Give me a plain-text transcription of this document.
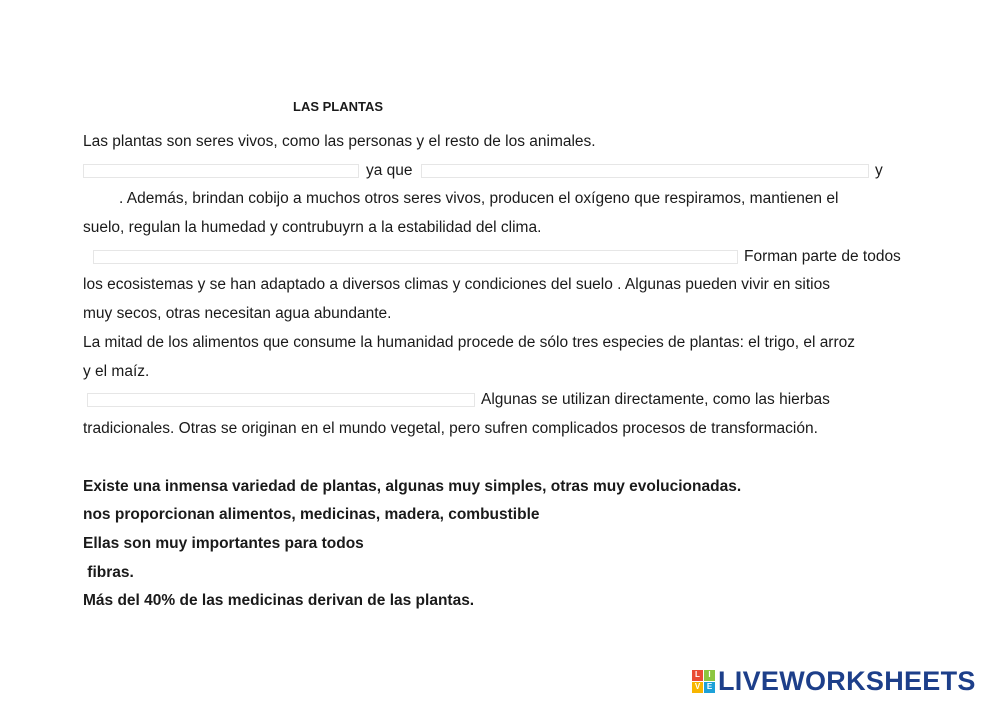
LAS PLANTAS
Las plantas son seres vivos, como las personas y el resto de los animales.
ya que	y
. Además, brindan cobijo a muchos otros seres vivos, producen el oxígeno que respiramos, mantienen el
suelo, regulan la humedad y contrubuyrn a la estabilidad del clima.
Forman parte de todos
los ecosistemas y se han adaptado a diversos climas y condiciones del suelo . Algunas pueden vivir en sitios
muy secos, otras necesitan agua abundante.
La mitad de los alimentos que consume la humanidad procede de sólo tres especies de plantas: el trigo, el arroz
y el maíz.
Algunas se utilizan directamente, como las hierbas
tradicionales. Otras se originan en el mundo vegetal, pero sufren complicados procesos de transformación.
Existe una inmensa variedad de plantas, algunas muy simples, otras muy evolucionadas.
nos proporcionan alimentos, medicinas, madera, combustible
Ellas son muy importantes para todos
fibras.
Más del 40% de las medicinas derivan de las plantas.
L	I
V E LIVEWORKSHEETS
